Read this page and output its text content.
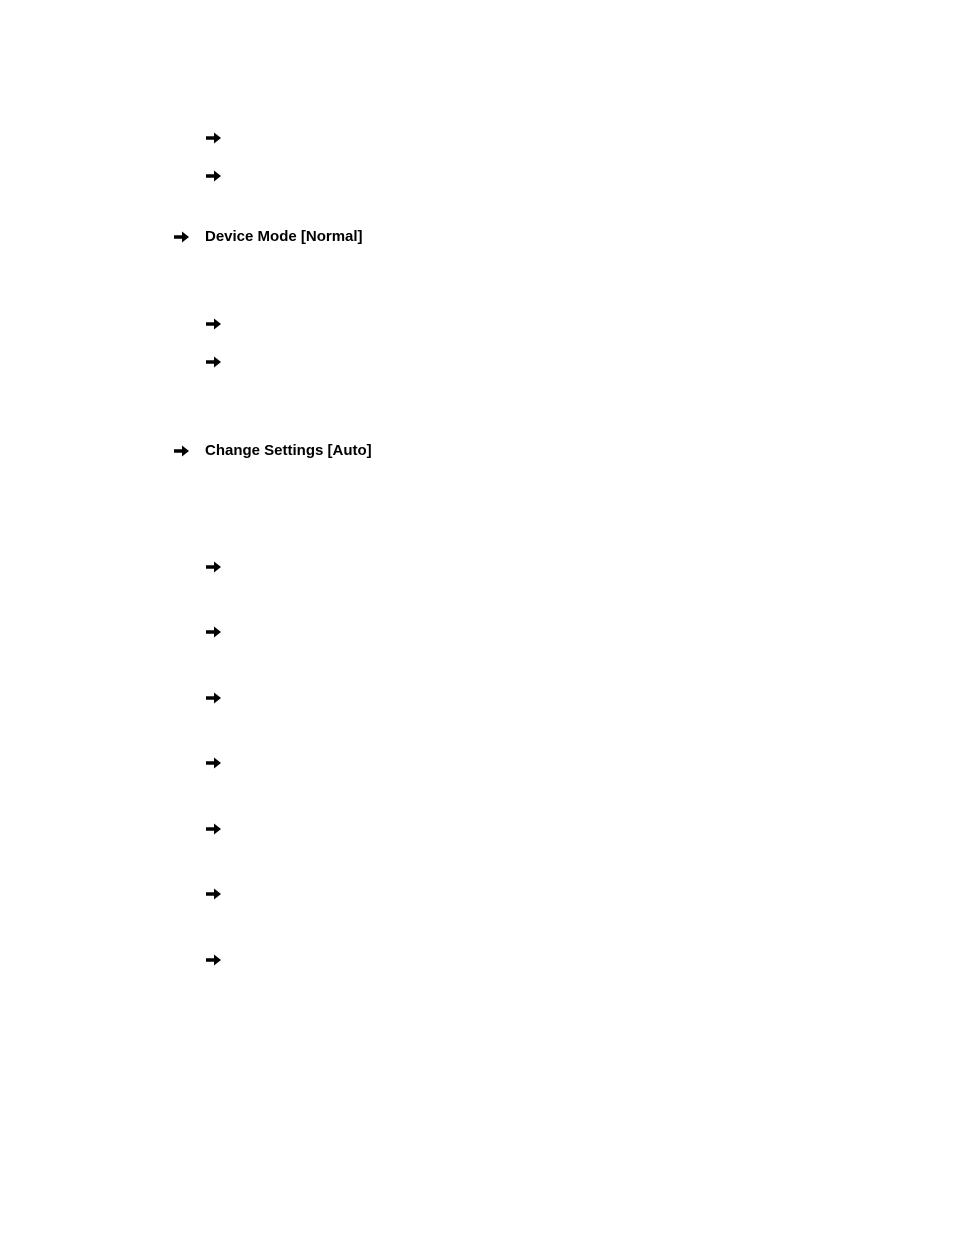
Device Mode [Normal]
Change Settings [Auto]
